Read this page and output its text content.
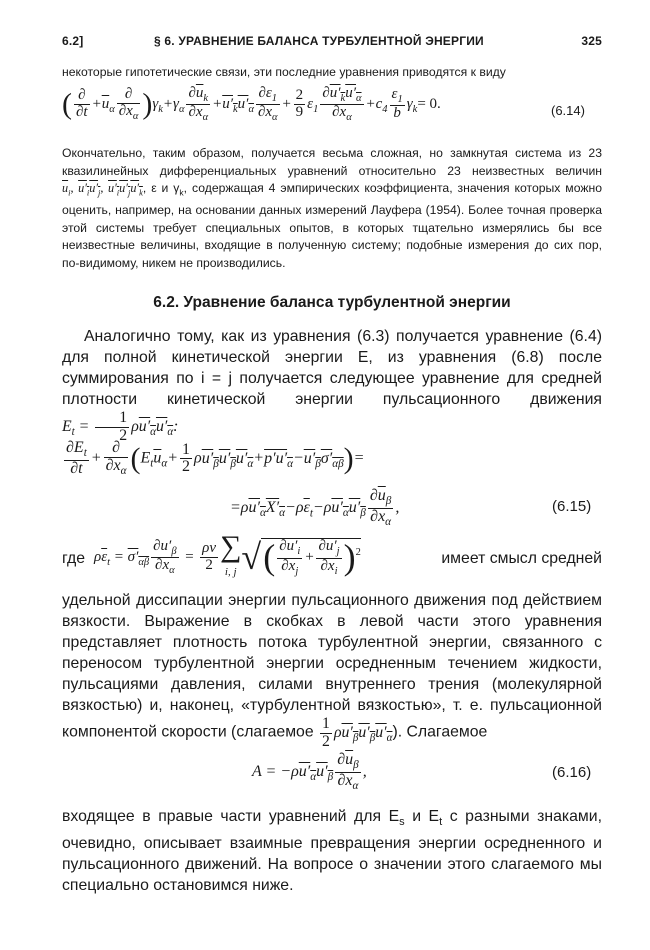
6.2]	§ 6. УРАВНЕНИЕ БАЛАНСА ТУРБУЛЕНТНОЙ ЭНЕРГИИ	325
некоторые гипотетические связи, эти последние уравнения приводятся к виду
( $\frac{\partial}{\partial t} +\overline{u}_\alpha \frac{\partial}{\partial x_\alpha} )\gamma_k+\gamma_\alpha \frac{\partial\overline{u}_k}{\partial x_\alpha} +u'_ku'_\alpha \frac{\partial\varepsilon_1}{\partial x_\alpha} + \frac{2}{9} \varepsilon_1 \frac{\partial u'_ku'_\alpha}{\partial x_\alpha} +c_4 \frac{\varepsilon_1}{b} \gamma_k= 0$.	(6.14)
Окончательно, таким образом, получается весьма сложная, но замкнутая система из 23 квазилинейных дифференциальных уравнений относительно 23 неизвестных величин $\overline{u}_i$, $u'_iu'_j$, $u'_iu'_ju'_k$, ε и $\gamma_k$, содержащая 4 эмпирических коэффициента, значения которых можно оценить, например, на основании данных измерений Лауфера (1954). Более точная проверка этой системы требует специальных опытов, в которых тщательно измерялись бы все неизвестные величины, входящие в полученную систему; подобные измерения до сих пор, по-видимому, никем не производились.
6.2. Уравнение баланса турбулентной энергии
Аналогично тому, как из уравнения (6.3) получается уравнение (6.4) для полной кинетической энергии E, из уравнения (6.8) после суммирования по i = j получается следующее уравнение для средней плотности кинетической энергии пульсационного движения $E_t = \frac{1}{2} \rho u'_\alpha u'_\alpha$:
$\frac{\partial E_t}{\partial t} + \frac{\partial}{\partial x_\alpha} (E_t\overline{u}_\alpha+ \frac{1}{2} \rho u'_\beta u'_\beta u'_\alpha+p'u'_\alpha-u'_\beta\sigma'_{\alpha\beta})=$
$=\rho u'_\alpha X'_\alpha-\rho\overline{\varepsilon}_t-\rho u'_\alpha u'_\beta \frac{\partial\overline{u}_\beta}{\partial x_\alpha}$ ,	(6.15)
где $\rho\overline{\varepsilon}_t = \sigma'_{\alpha\beta} \frac{\partial u'_\beta}{\partial x_\alpha} = \frac{\rho\nu}{2}$ ∑
i, j √( $\frac{\partial u'_i}{\partial x_j} + \frac{\partial u'_j}{\partial x_i} )^2$	имеет смысл средней
удельной диссипации энергии пульсационного движения под действием вязкости. Выражение в скобках в левой части этого уравнения представляет плотность потока турбулентной энергии, связанного с переносом турбулентной энергии осредненным течением жидкости, пульсациями давления, силами внутреннего трения (молекулярной вязкостью) и, наконец, «турбулентной вязкостью», т. е. пульсационной компонентой скорости (слагаемое $\frac{1}{2} \rho u'_\beta u'_\beta u'_\alpha$). Слагаемое
$A = -\rho u'_\alpha u'_\beta \frac{\partial\overline{u}_\beta}{\partial x_\alpha}$ ,	(6.16)
входящее в правые части уравнений для $E_s$ и $E_t$ с разными знаками, очевидно, описывает взаимные превращения энергии осредненного и пульсационного движений. На вопросе о значении этого слагаемого мы специально остановимся ниже.
